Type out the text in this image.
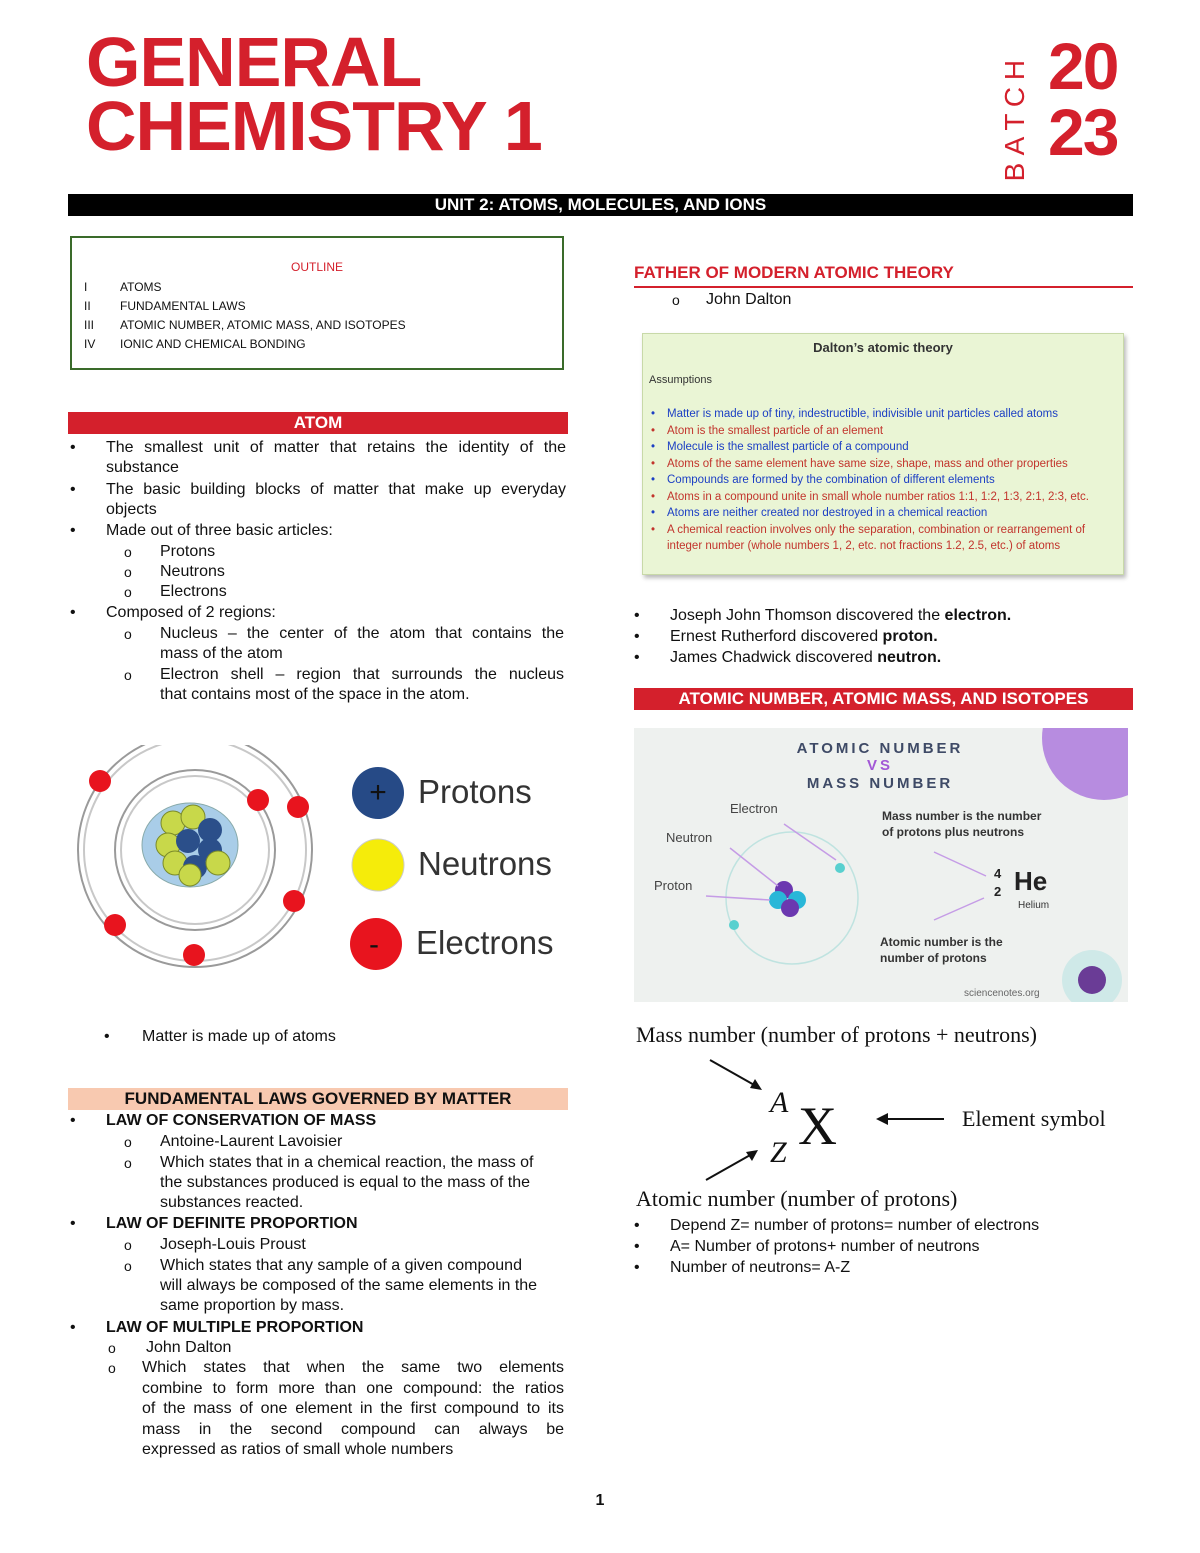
GENERAL
CHEMISTRY 1
B
A
T
C
H 20
23
UNIT 2: ATOMS, MOLECULES, AND IONS
OUTLINE
I	ATOMS
II FUNDAMENTAL LAWS
III ATOMIC NUMBER, ATOMIC MASS, AND ISOTOPES
IV IONIC AND CHEMICAL BONDING
ATOM
• The smallest unit of matter that retains the identity of the
substance
• The basic building blocks of matter that make up everyday
objects
• Made out of three basic articles:
o Protons
o Neutrons
o Electrons
• Composed of 2 regions:
o Nucleus – the center of the atom that contains the
mass of the atom
o Electron shell – region that surrounds the nucleus
that contains most of the space in the atom.
+ Protons
Neutrons
- Electrons
• Matter is made up of atoms
FUNDAMENTAL LAWS GOVERNED BY MATTER
• LAW OF CONSERVATION OF MASS
o Antoine-Laurent Lavoisier
o Which states that in a chemical reaction, the mass of
the substances produced is equal to the mass of the
substances reacted.
• LAW OF DEFINITE PROPORTION
o Joseph-Louis Proust
o Which states that any sample of a given compound
will always be composed of the same elements in the
same proportion by mass.
• LAW OF MULTIPLE PROPORTION
o John Dalton
o Which  states  that  when  the  same  two  elements
combine to form more than one compound: the ratios
of the mass of one element in the first compound to its
mass  in  the  second  compound  can  always  be
expressed as ratios of small whole numbers
FATHER OF MODERN ATOMIC THEORY
o John Dalton
Dalton’s atomic theory
Assumptions
• Matter is made up of tiny, indestructible, indivisible unit particles called atoms
• Atom is the smallest particle of an element
• Molecule is the smallest particle of a compound
• Atoms of the same element have same size, shape, mass and other properties
• Compounds are formed by the combination of different elements
• Atoms in a compound unite in small whole number ratios 1:1, 1:2, 1:3, 2:1, 2:3, etc.
• Atoms are neither created nor destroyed in a chemical reaction
• A chemical reaction involves only the separation, combination or rearrangement of integer number (whole numbers 1, 2, etc. not fractions 1.2, 2.5, etc.) of atoms
• Joseph John Thomson discovered the electron.
• Ernest Rutherford discovered proton.
• James Chadwick discovered neutron.
ATOMIC NUMBER, ATOMIC MASS, AND ISOTOPES
ATOMIC NUMBER
VS
MASS NUMBER
Electron
Neutron
Proton
Mass number is the number
of protons plus neutrons
4
2 He
Helium
Atomic number is the
number of protons
sciencenotes.org
Mass number (number of protons + neutrons)
A
Z X	Element symbol
Atomic number (number of protons)
• Depend Z= number of protons= number of electrons
• A= Number of protons+ number of neutrons
• Number of neutrons= A-Z
1
